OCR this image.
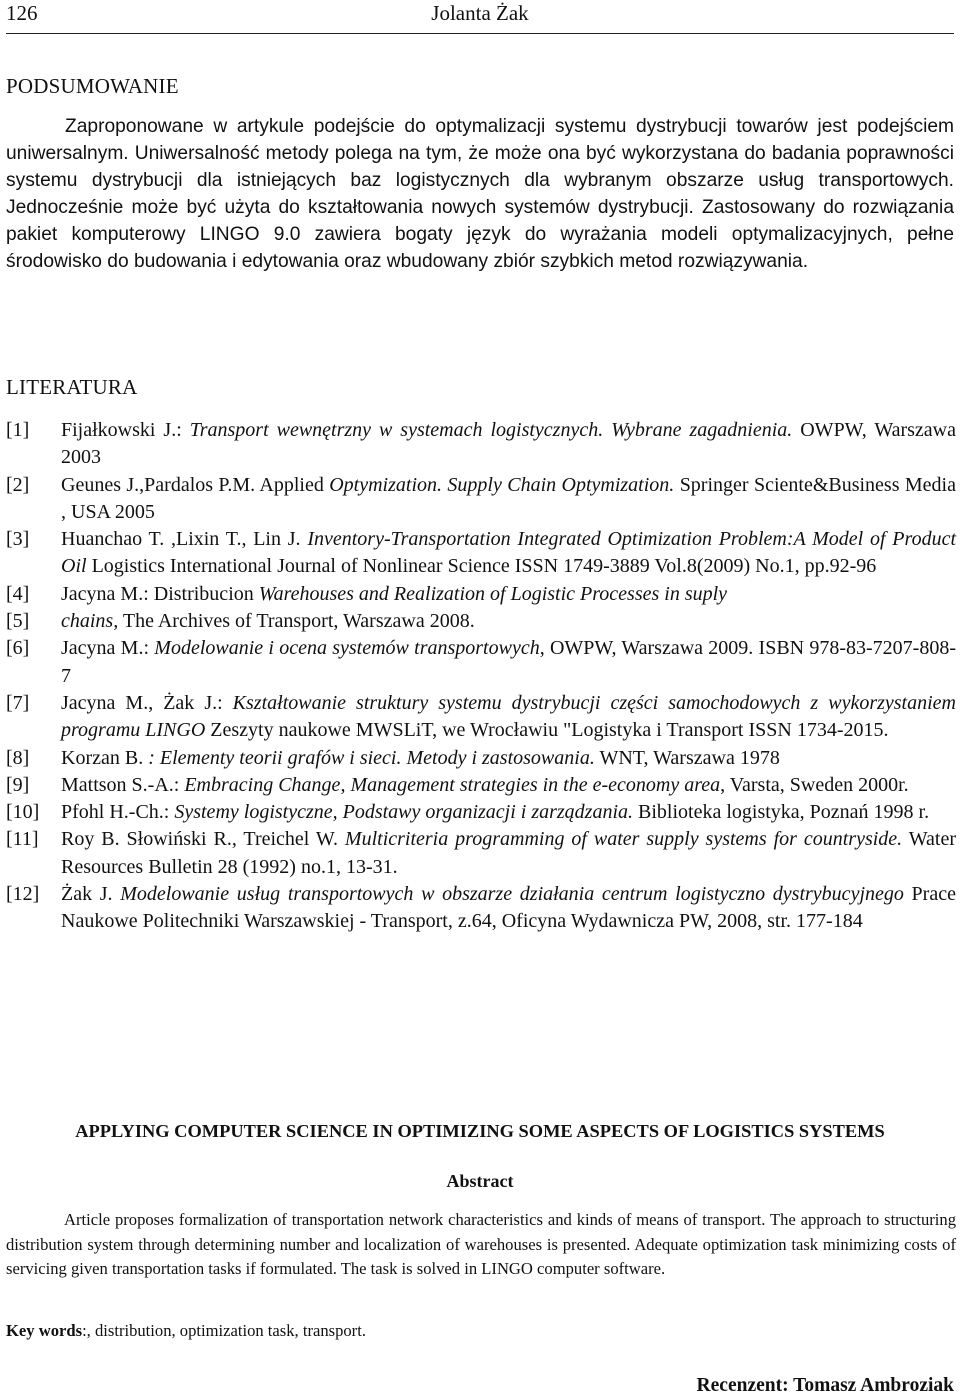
126	Jolanta Żak
PODSUMOWANIE

Zaproponowane w artykule podejście do optymalizacji systemu dystrybucji towarów jest podejściem uniwersalnym. Uniwersalność metody polega na tym, że może ona być wykorzystana do badania poprawności systemu dystrybucji dla istniejących baz logistycznych dla wybranym obszarze usług transportowych. Jednocześnie może być użyta do kształtowania nowych systemów dystrybucji. Zastosowany do rozwiązania pakiet komputerowy LINGO 9.0 zawiera bogaty język do wyrażania modeli optymalizacyjnych, pełne środowisko do budowania i edytowania oraz wbudowany zbiór szybkich metod rozwiązywania.

LITERATURA
[1]	Fijałkowski J.: Transport wewnętrzny w systemach logistycznych. Wybrane zagadnienia. OWPW, Warszawa 2003
[2]	Geunes J.,Pardalos P.M. Applied Optymization. Supply Chain Optymization. Springer Sciente&Business Media , USA 2005
[3]	Huanchao T. ,Lixin T., Lin J. Inventory-Transportation Integrated Optimization Problem:A Model of Product Oil Logistics International Journal of Nonlinear Science ISSN 1749-3889 Vol.8(2009) No.1, pp.92-96
[4]	Jacyna M.: Distribucion Warehouses and Realization of Logistic Processes in suply
[5]	chains, The Archives of Transport, Warszawa 2008.
[6]	Jacyna M.: Modelowanie i ocena systemów transportowych, OWPW, Warszawa 2009. ISBN 978-83-7207-808-7
[7]	Jacyna M., Żak J.: Kształtowanie struktury systemu dystrybucji części samochodowych z wykorzystaniem programu LINGO Zeszyty naukowe MWSLiT, we Wrocławiu "Logistyka i Transport ISSN 1734-2015.
[8]	Korzan B. : Elementy teorii grafów i sieci. Metody i zastosowania. WNT, Warszawa 1978
[9]	Mattson S.-A.: Embracing Change, Management strategies in the e-economy area, Varsta, Sweden 2000r.
[10]	Pfohl H.-Ch.: Systemy logistyczne, Podstawy organizacji i zarządzania. Biblioteka logistyka, Poznań 1998 r.
[11]	Roy B. Słowiński R., Treichel W. Multicriteria programming of water supply systems for countryside. Water Resources Bulletin 28 (1992) no.1, 13-31.
[12]	Żak J. Modelowanie usług transportowych w obszarze działania centrum logistyczno dystrybucyjnego Prace Naukowe Politechniki Warszawskiej - Transport, z.64, Oficyna Wydawnicza PW, 2008, str. 177-184
APPLYING COMPUTER SCIENCE IN OPTIMIZING SOME ASPECTS OF LOGISTICS SYSTEMS
Abstract

Article proposes formalization of transportation network characteristics and kinds of means of transport. The approach to structuring distribution system through determining number and localization of warehouses is presented. Adequate optimization task minimizing costs of servicing given transportation tasks if formulated. The task is solved in LINGO computer software.

Key words:, distribution, optimization task, transport.
Recenzent: Tomasz Ambroziak
